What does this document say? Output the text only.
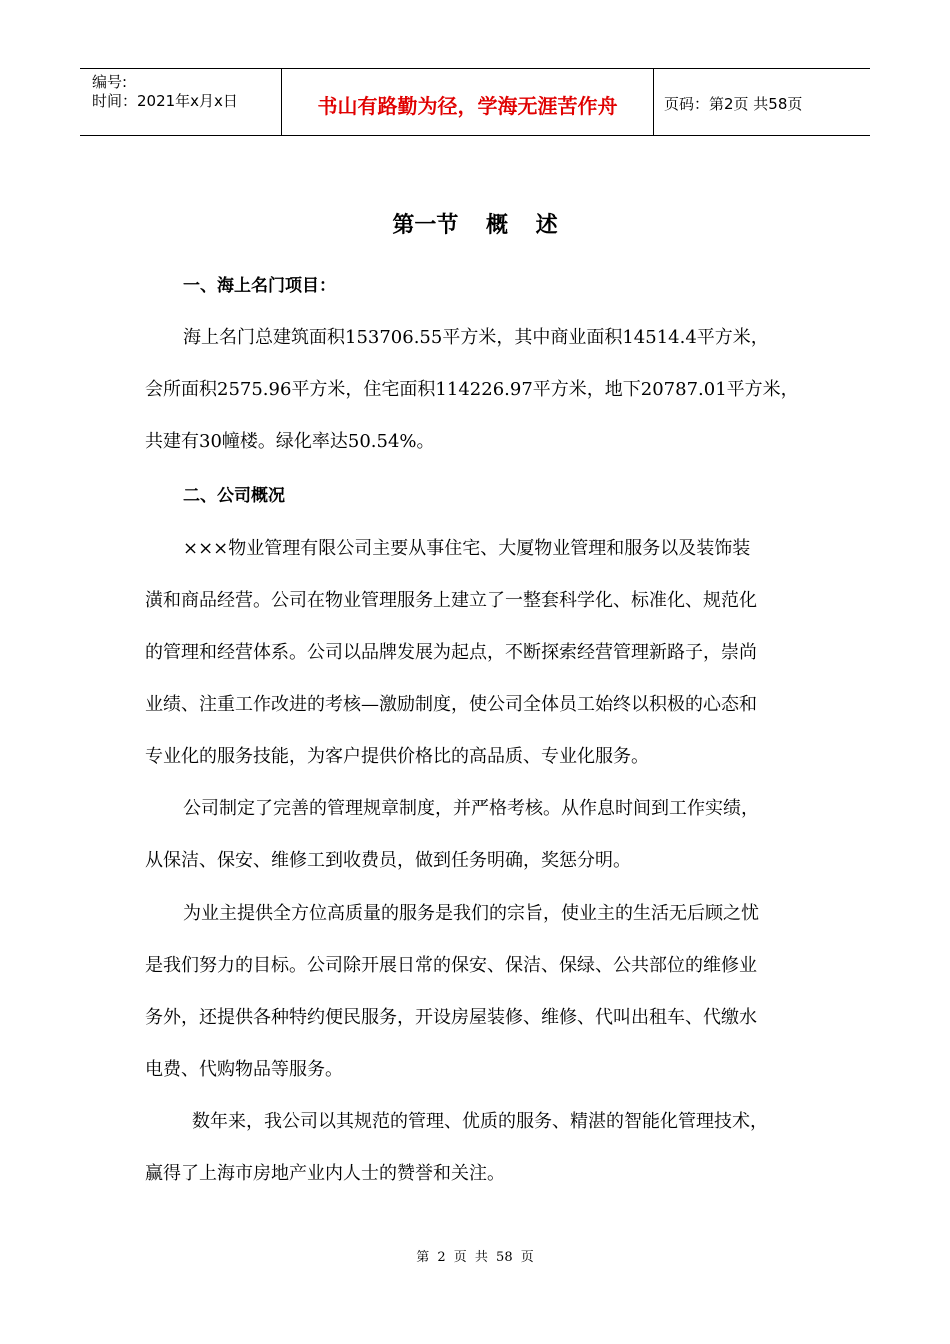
编号:
时间：2021年x月x日	书山有路勤为径，学海无涯苦作舟	页码：第2页 共58页
第一节 概 述
一、海上名门项目：
海上名门总建筑面积153706.55平方米，其中商业面积14514.4平方米，
会所面积2575.96平方米，住宅面积114226.97平方米，地下20787.01平方米，
共建有30幢楼。绿化率达50.54%。
二、公司概况
×××物业管理有限公司主要从事住宅、大厦物业管理和服务以及装饰装
潢和商品经营。公司在物业管理服务上建立了一整套科学化、标准化、规范化
的管理和经营体系。公司以品牌发展为起点，不断探索经营管理新路子，崇尚
业绩、注重工作改进的考核—激励制度，使公司全体员工始终以积极的心态和
专业化的服务技能，为客户提供价格比的高品质、专业化服务。
公司制定了完善的管理规章制度，并严格考核。从作息时间到工作实绩，
从保洁、保安、维修工到收费员，做到任务明确，奖惩分明。
为业主提供全方位高质量的服务是我们的宗旨，使业主的生活无后顾之忧
是我们努力的目标。公司除开展日常的保安、保洁、保绿、公共部位的维修业
务外，还提供各种特约便民服务，开设房屋装修、维修、代叫出租车、代缴水
电费、代购物品等服务。
数年来，我公司以其规范的管理、优质的服务、精湛的智能化管理技术，
赢得了上海市房地产业内人士的赞誉和关注。
第 2 页 共 58 页
